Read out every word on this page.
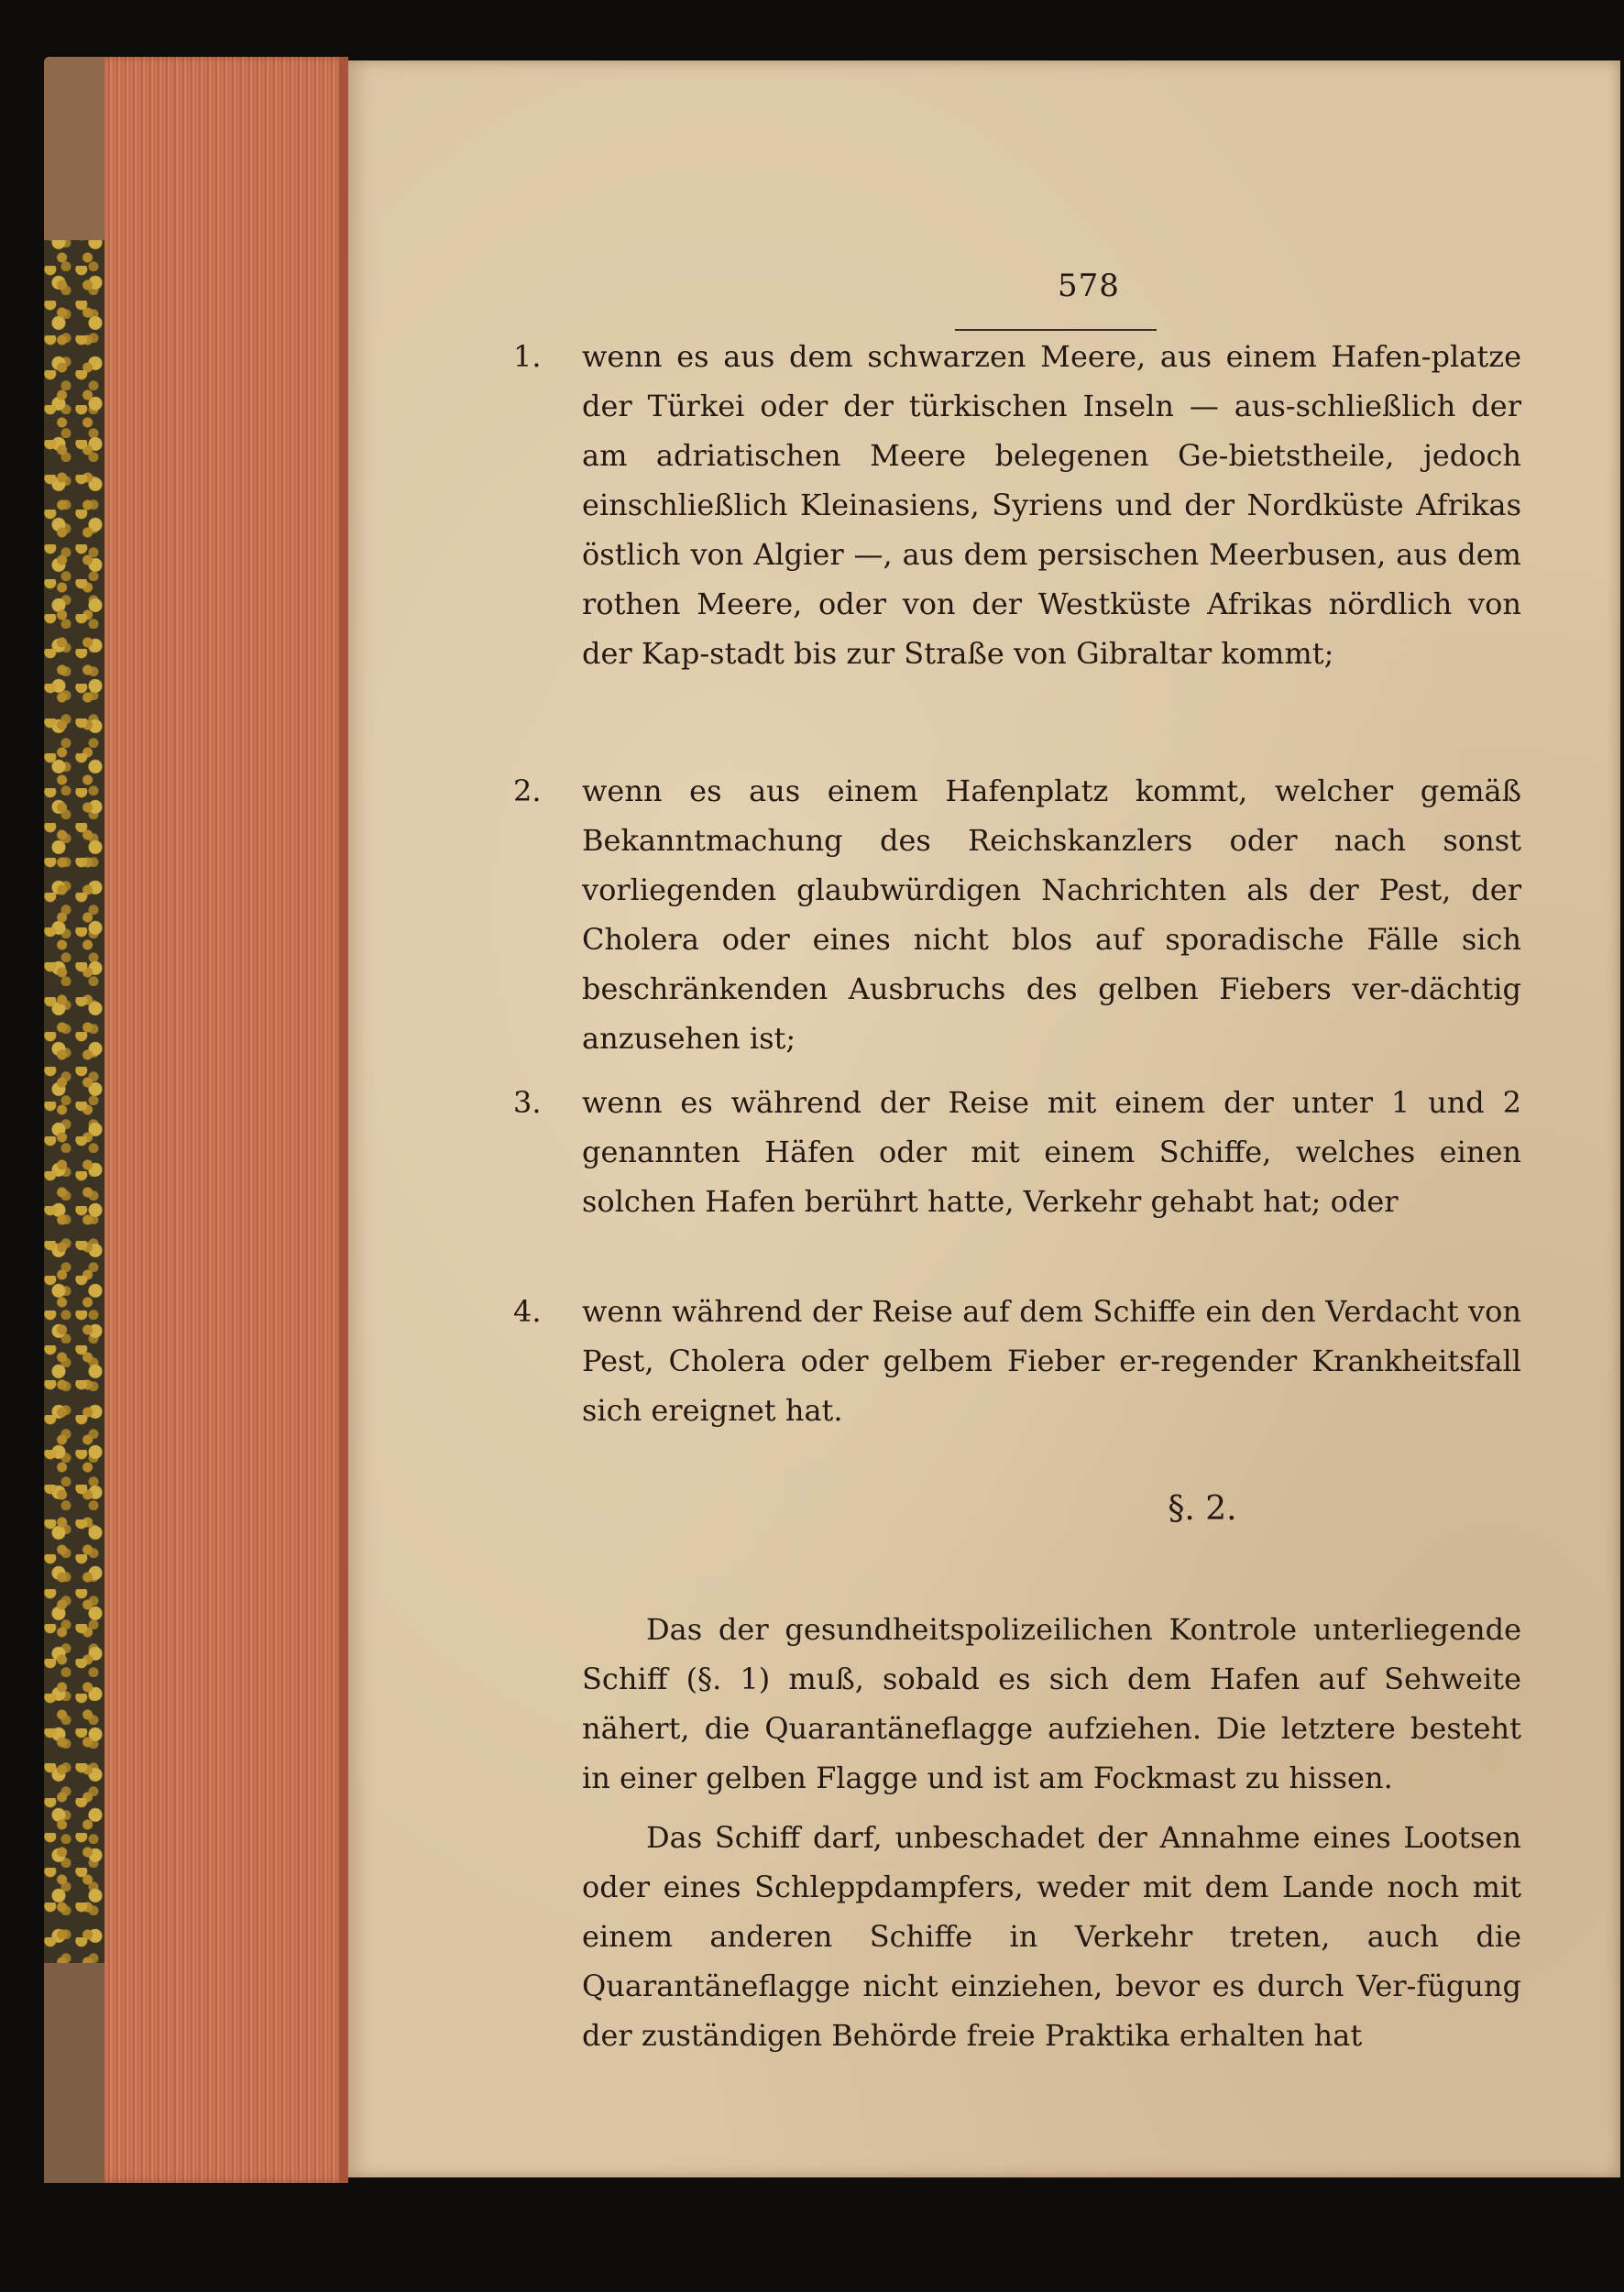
578
1.	wenn es aus dem schwarzen Meere, aus einem Hafen-platze der Türkei oder der türkischen Inseln — aus-schließlich der am adriatischen Meere belegenen Ge-bietstheile, jedoch einschließlich Kleinasiens, Syriens und der Nordküste Afrikas östlich von Algier —, aus dem persischen Meerbusen, aus dem rothen Meere, oder von der Westküste Afrikas nördlich von der Kap-stadt bis zur Straße von Gibraltar kommt;
2.	wenn es aus einem Hafenplatz kommt, welcher gemäß Bekanntmachung des Reichskanzlers oder nach sonst vorliegenden glaubwürdigen Nachrichten als der Pest, der Cholera oder eines nicht blos auf sporadische Fälle sich beschränkenden Ausbruchs des gelben Fiebers ver-dächtig anzusehen ist;
3.	wenn es während der Reise mit einem der unter 1 und 2 genannten Häfen oder mit einem Schiffe, welches einen solchen Hafen berührt hatte, Verkehr gehabt hat; oder
4.	wenn während der Reise auf dem Schiffe ein den Verdacht von Pest, Cholera oder gelbem Fieber er-regender Krankheitsfall sich ereignet hat.
§. 2.
Das der gesundheitspolizeilichen Kontrole unterliegende Schiff (§. 1) muß, sobald es sich dem Hafen auf Sehweite nähert, die Quarantäneflagge aufziehen. Die letztere besteht in einer gelben Flagge und ist am Fockmast zu hissen.
Das Schiff darf, unbeschadet der Annahme eines Lootsen oder eines Schleppdampfers, weder mit dem Lande noch mit einem anderen Schiffe in Verkehr treten, auch die Quarantäneflagge nicht einziehen, bevor es durch Ver-fügung der zuständigen Behörde freie Praktika erhalten hat
